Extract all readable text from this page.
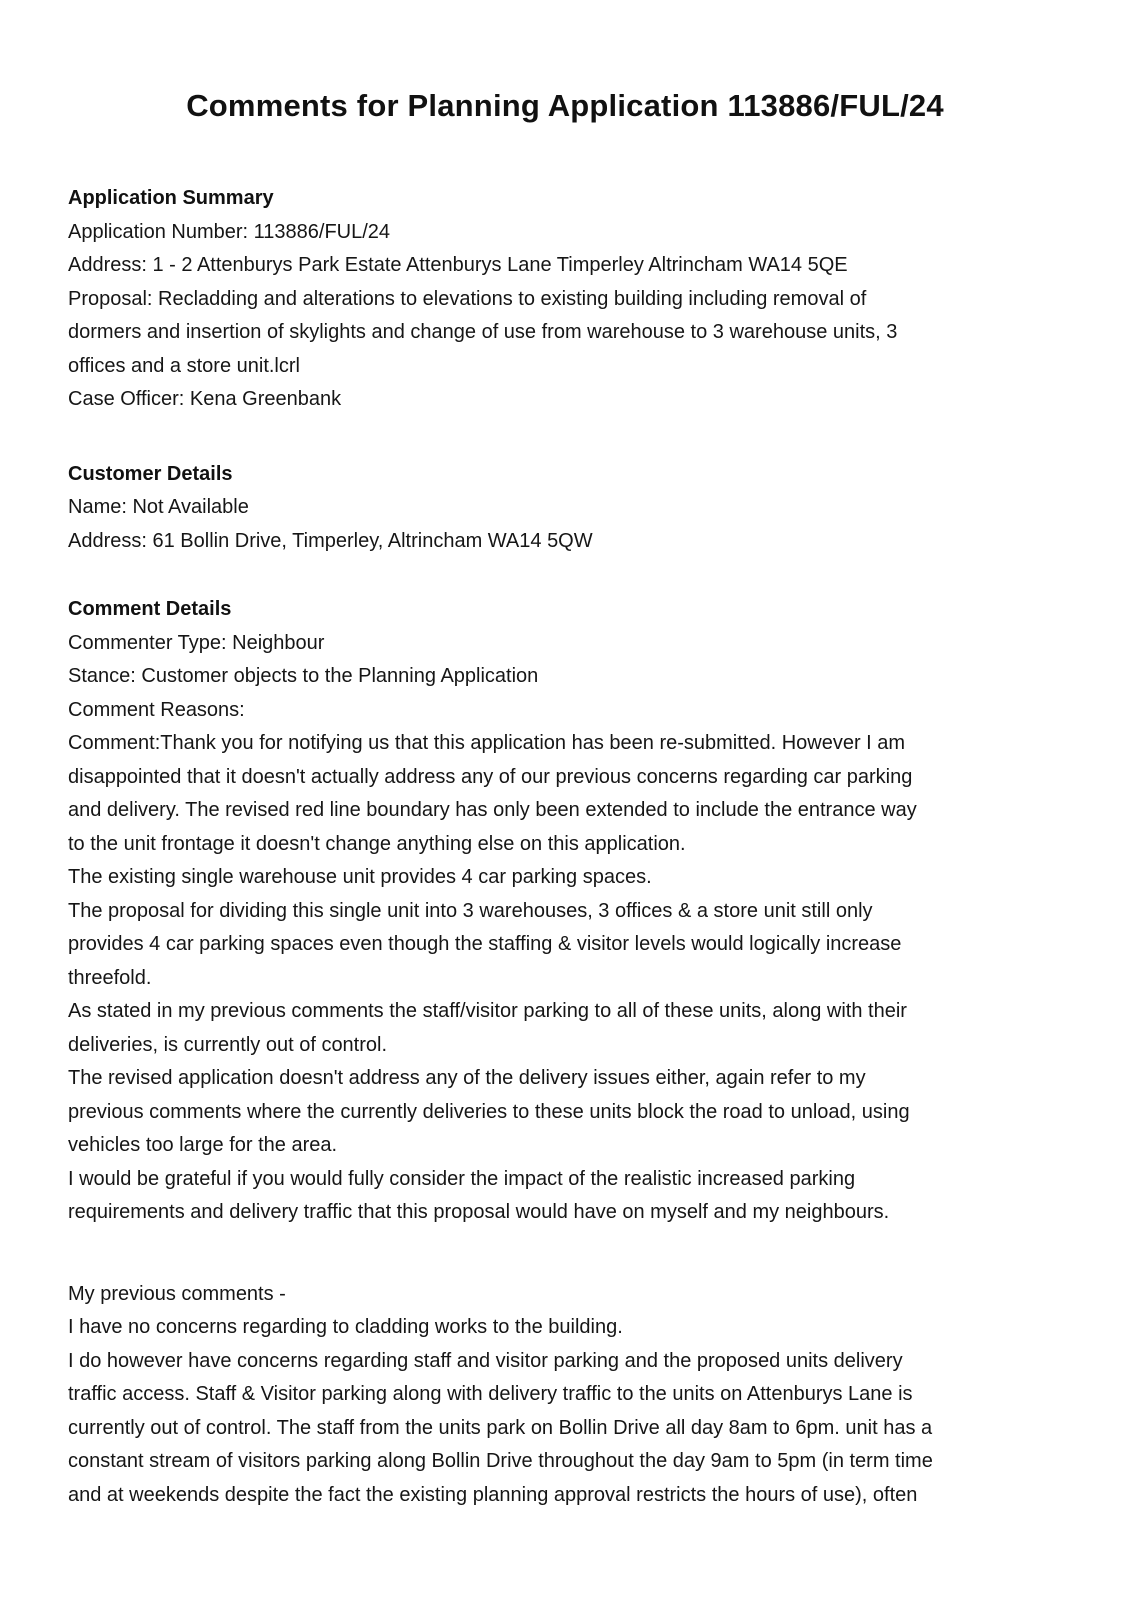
Comments for Planning Application 113886/FUL/24
Application Summary
Application Number: 113886/FUL/24
Address: 1 - 2 Attenburys Park Estate Attenburys Lane Timperley Altrincham WA14 5QE
Proposal: Recladding and alterations to elevations to existing building including removal of
dormers and insertion of skylights and change of use from warehouse to 3 warehouse units, 3
offices and a store unit.lcrl
Case Officer: Kena Greenbank
Customer Details
Name: Not Available
Address: 61 Bollin Drive, Timperley, Altrincham WA14 5QW
Comment Details
Commenter Type: Neighbour
Stance: Customer objects to the Planning Application
Comment Reasons:
Comment:Thank you for notifying us that this application has been re-submitted. However I am
disappointed that it doesn't actually address any of our previous concerns regarding car parking
and delivery. The revised red line boundary has only been extended to include the entrance way
to the unit frontage it doesn't change anything else on this application.
The existing single warehouse unit provides 4 car parking spaces.
The proposal for dividing this single unit into 3 warehouses, 3 offices & a store unit still only
provides 4 car parking spaces even though the staffing & visitor levels would logically increase
threefold.
As stated in my previous comments the staff/visitor parking to all of these units, along with their
deliveries, is currently out of control.
The revised application doesn't address any of the delivery issues either, again refer to my
previous comments where the currently deliveries to these units block the road to unload, using
vehicles too large for the area.
I would be grateful if you would fully consider the impact of the realistic increased parking
requirements and delivery traffic that this proposal would have on myself and my neighbours.
My previous comments -
I have no concerns regarding to cladding works to the building.
I do however have concerns regarding staff and visitor parking and the proposed units delivery
traffic access. Staff & Visitor parking along with delivery traffic to the units on Attenburys Lane is
currently out of control. The staff from the units park on Bollin Drive all day 8am to 6pm. unit has a
constant stream of visitors parking along Bollin Drive throughout the day 9am to 5pm (in term time
and at weekends despite the fact the existing planning approval restricts the hours of use), often
